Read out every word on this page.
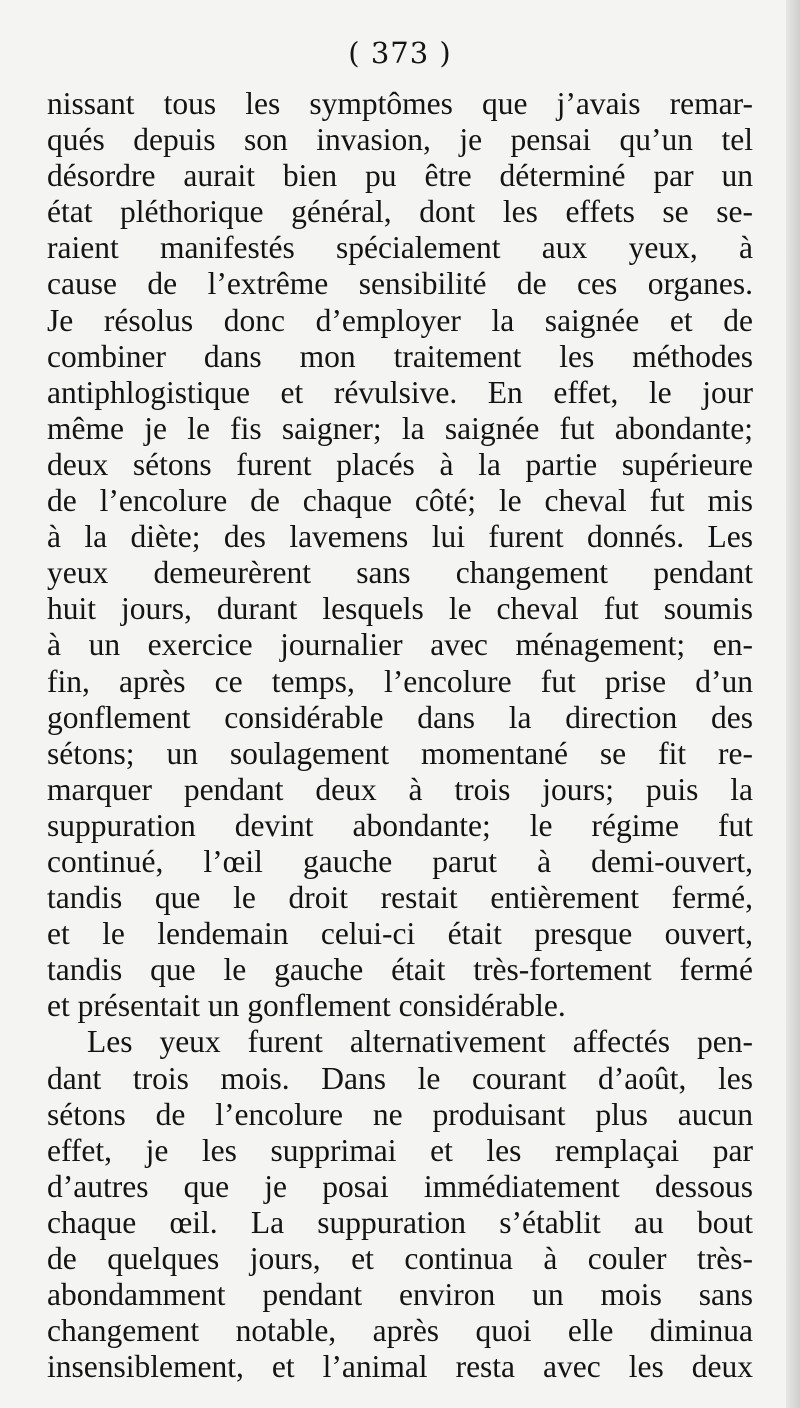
( 373 )
nissant tous les symptômes que j’avais remar-
qués depuis son invasion, je pensai qu’un tel
désordre aurait bien pu être déterminé par un
état pléthorique général, dont les effets se se-
raient manifestés spécialement aux yeux, à
cause de l’extrême sensibilité de ces organes.
Je résolus donc d’employer la saignée et de
combiner dans mon traitement les méthodes
antiphlogistique et révulsive. En effet, le jour
même je le fis saigner; la saignée fut abondante;
deux sétons furent placés à la partie supérieure
de l’encolure de chaque côté; le cheval fut mis
à la diète; des lavemens lui furent donnés. Les
yeux demeurèrent sans changement pendant
huit jours, durant lesquels le cheval fut soumis
à un exercice journalier avec ménagement; en-
fin, après ce temps, l’encolure fut prise d’un
gonflement considérable dans la direction des
sétons; un soulagement momentané se fit re-
marquer pendant deux à trois jours; puis la
suppuration devint abondante; le régime fut
continué, l’œil gauche parut à demi-ouvert,
tandis que le droit restait entièrement fermé,
et le lendemain celui-ci était presque ouvert,
tandis que le gauche était très-fortement fermé
et présentait un gonflement considérable.
Les yeux furent alternativement affectés pen-
dant trois mois. Dans le courant d’août, les
sétons de l’encolure ne produisant plus aucun
effet, je les supprimai et les remplaçai par
d’autres que je posai immédiatement dessous
chaque œil. La suppuration s’établit au bout
de quelques jours, et continua à couler très-
abondamment pendant environ un mois sans
changement notable, après quoi elle diminua
insensiblement, et l’animal resta avec les deux
